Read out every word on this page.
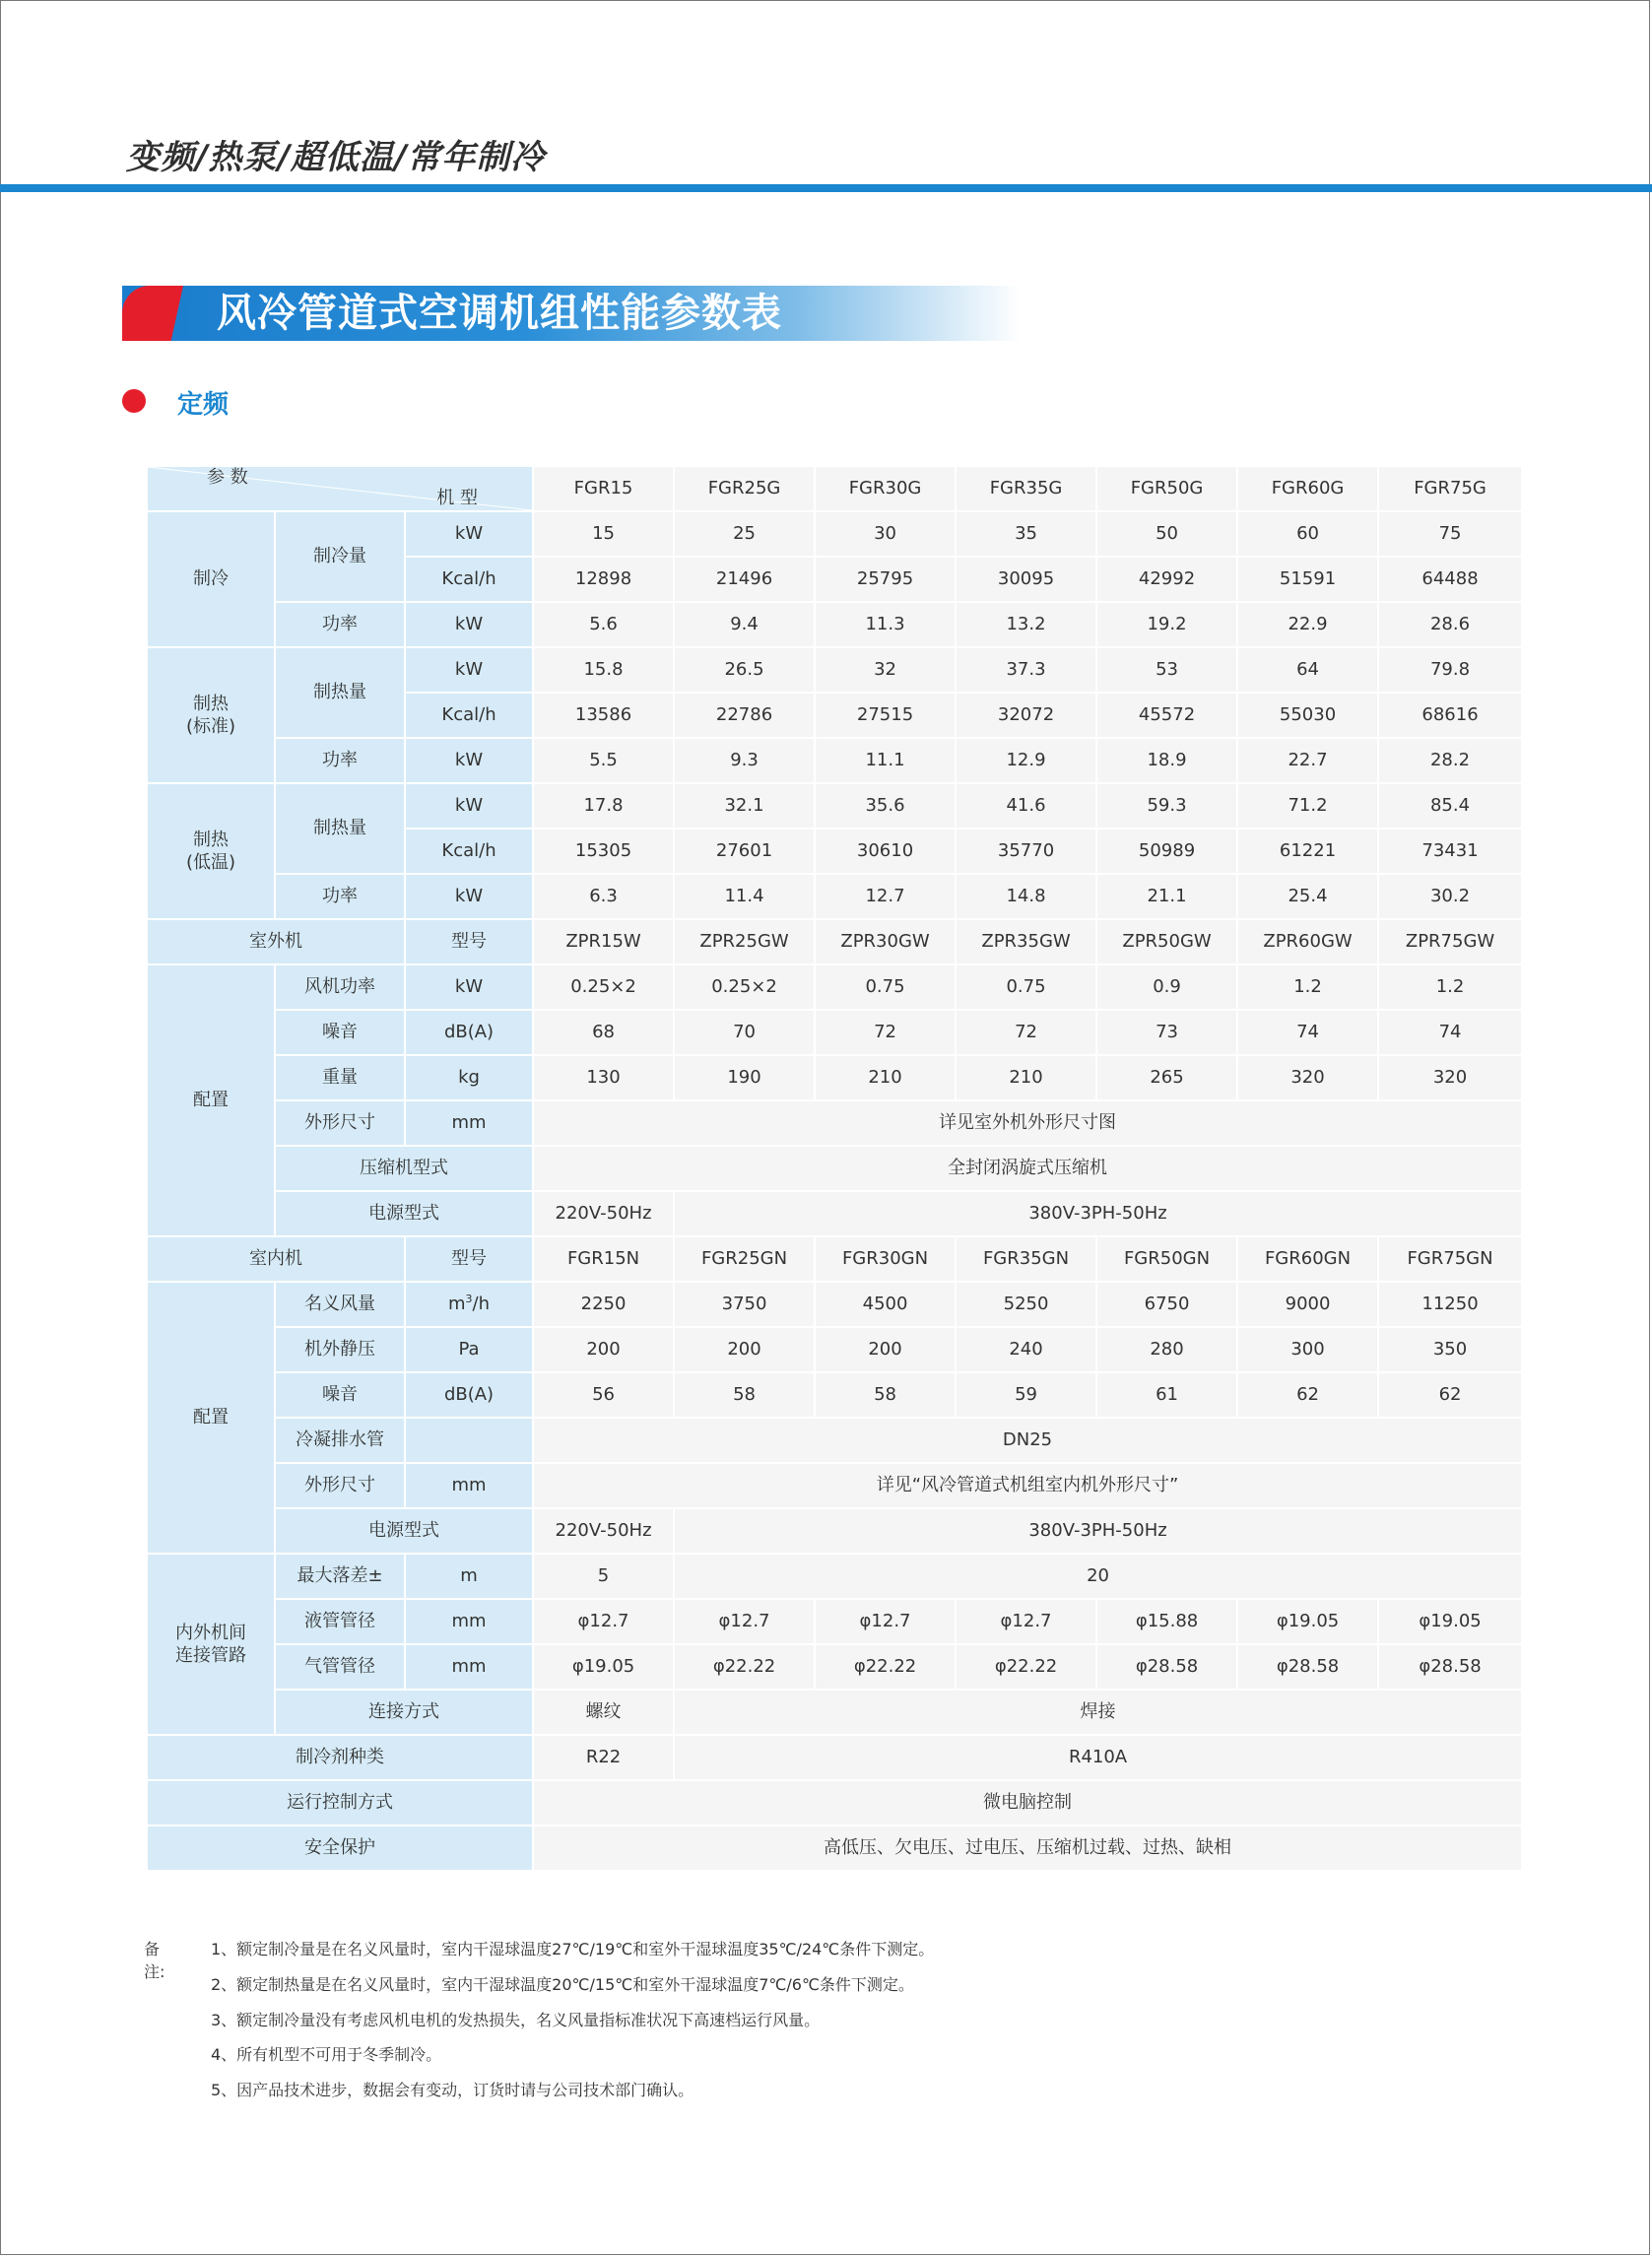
变频/热泵/超低温/常年制冷
风冷管道式空调机组性能参数表
定频
机 型
参 数			FGR15	FGR25G	FGR30G	FGR35G	FGR50G	FGR60G	FGR75G
制冷	制冷量	kW	15	25	30	35	50	60	75
		Kcal/h	12898	21496	25795	30095	42992	51591	64488
	功率	kW	5.6	9.4	11.3	13.2	19.2	22.9	28.6

制热
(标准)	制热量	kW	15.8	26.5	32	37.3	53	64	79.8
		Kcal/h	13586	22786	27515	32072	45572	55030	68616
	功率	kW	5.5	9.3	11.1	12.9	18.9	22.7	28.2

制热
(低温)	制热量	kW	17.8	32.1	35.6	41.6	59.3	71.2	85.4
		Kcal/h	15305	27601	30610	35770	50989	61221	73431
	功率	kW	6.3	11.4	12.7	14.8	21.1	25.4	30.2
室外机		型号	ZPR15W	ZPR25GW	ZPR30GW	ZPR35GW	ZPR50GW	ZPR60GW	ZPR75GW
配置	风机功率	kW	0.25×2	0.25×2	0.75	0.75	0.9	1.2	1.2
	噪音	dB(A)	68	70	72	72	73	74	74
	重量	kg	130	190	210	210	265	320	320
	外形尺寸	mm	详见室外机外形尺寸图						
	压缩机型式		全封闭涡旋式压缩机						
	电源型式		220V-50Hz	380V-3PH-50Hz					
室内机		型号	FGR15N	FGR25GN	FGR30GN	FGR35GN	FGR50GN	FGR60GN	FGR75GN
配置	名义风量	$m^3/h$	2250	3750	4500	5250	6750	9000	11250
	机外静压	Pa	200	200	200	240	280	300	350
	噪音	dB(A)	56	58	58	59	61	62	62
	冷凝排水管		DN25						
	外形尺寸	mm	详见“风冷管道式机组室内机外形尺寸”						
	电源型式		220V-50Hz	380V-3PH-50Hz					

内外机间
连接管路	最大落差±	m	5	20					
	液管管径	mm	φ12.7	φ12.7	φ12.7	φ12.7	φ15.88	φ19.05	φ19.05
	气管管径	mm	φ19.05	φ22.22	φ22.22	φ22.22	φ28.58	φ28.58	φ28.58
	连接方式		螺纹	焊接					
制冷剂种类			R22	R410A					
运行控制方式			微电脑控制						
安全保护			高低压、欠电压、过电压、压缩机过载、过热、缺相						
备注:
1、额定制冷量是在名义风量时，室内干湿球温度27℃/19℃和室外干湿球温度35℃/24℃条件下测定。
2、额定制热量是在名义风量时，室内干湿球温度20℃/15℃和室外干湿球温度7℃/6℃条件下测定。
3、额定制冷量没有考虑风机电机的发热损失，名义风量指标准状况下高速档运行风量。
4、所有机型不可用于冬季制冷。
5、因产品技术进步，数据会有变动，订货时请与公司技术部门确认。
